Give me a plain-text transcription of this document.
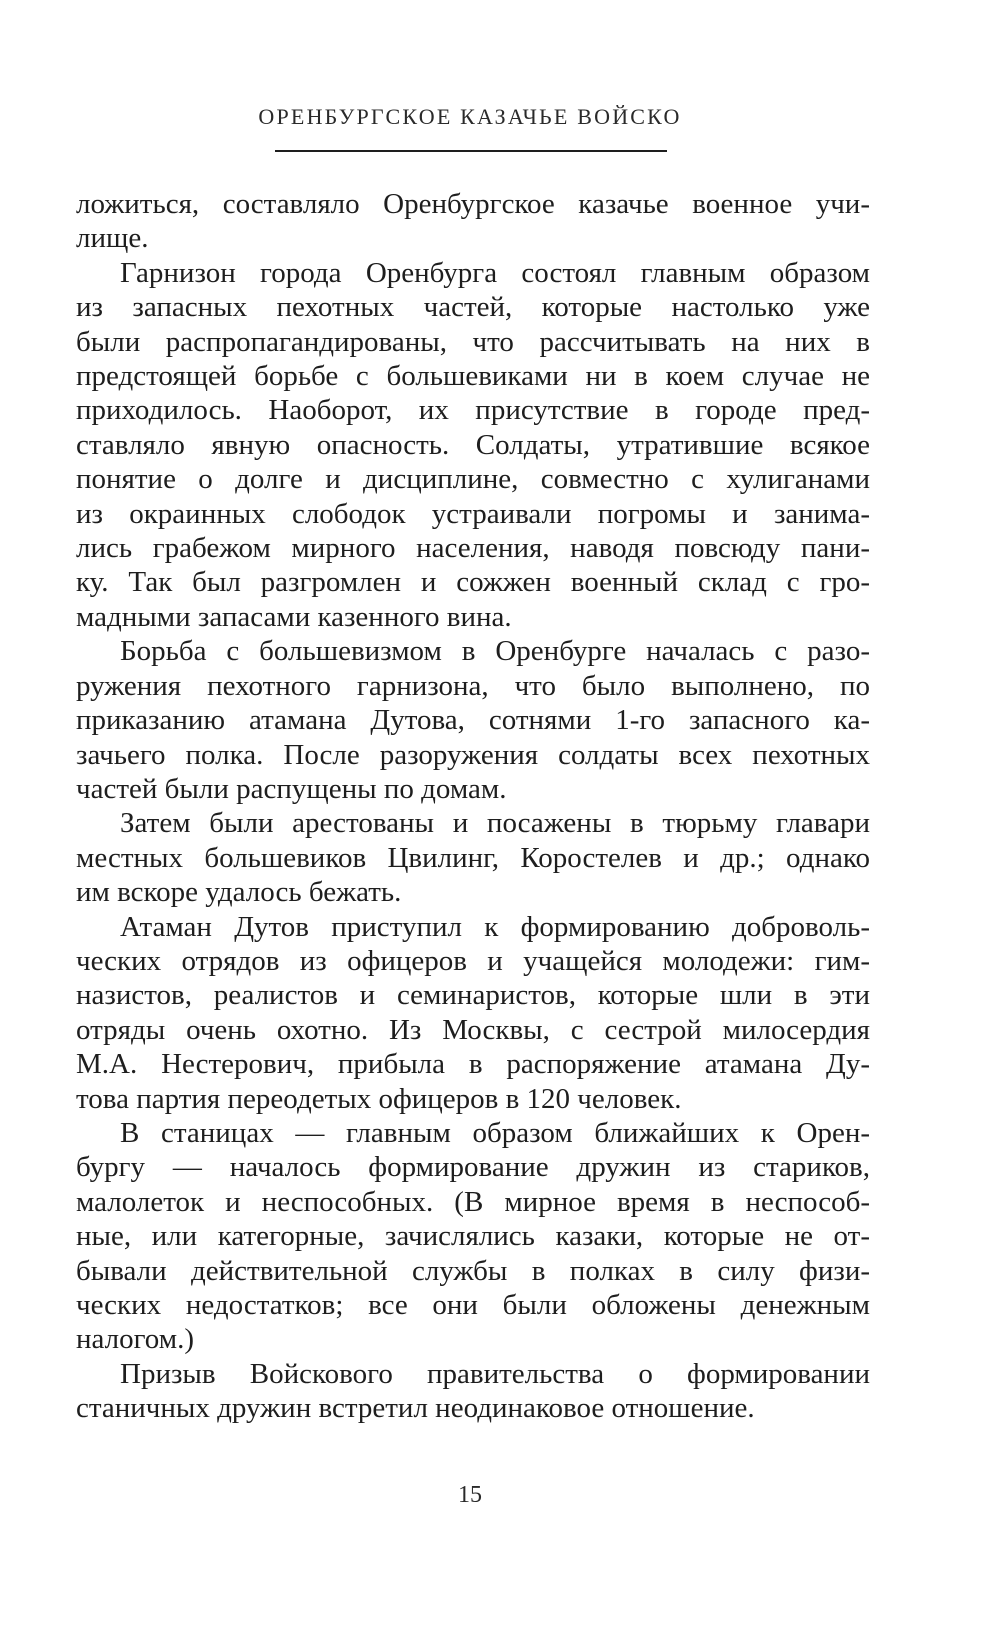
ОРЕНБУРГСКОЕ КАЗАЧЬЕ ВОЙСКО
ложиться, составляло Оренбургское казачье военное учи-
лище.
Гарнизон города Оренбурга состоял главным образом
из запасных пехотных частей, которые настолько уже
были распропагандированы, что рассчитывать на них в
предстоящей борьбе с большевиками ни в коем случае не
приходилось. Наоборот, их присутствие в городе пред-
ставляло явную опасность. Солдаты, утратившие всякое
понятие о долге и дисциплине, совместно с хулиганами
из окраинных слободок устраивали погромы и занима-
лись грабежом мирного населения, наводя повсюду пани-
ку. Так был разгромлен и сожжен военный склад с гро-
мадными запасами казенного вина.
Борьба с большевизмом в Оренбурге началась с разо-
ружения пехотного гарнизона, что было выполнено, по
приказанию атамана Дутова, сотнями 1-го запасного ка-
зачьего полка. После разоружения солдаты всех пехотных
частей были распущены по домам.
Затем были арестованы и посажены в тюрьму главари
местных большевиков Цвилинг, Коростелев и др.; однако
им вскоре удалось бежать.
Атаман Дутов приступил к формированию доброволь-
ческих отрядов из офицеров и учащейся молодежи: гим-
назистов, реалистов и семинаристов, которые шли в эти
отряды очень охотно. Из Москвы, с сестрой милосердия
М.А. Нестерович, прибыла в распоряжение атамана Ду-
това партия переодетых офицеров в 120 человек.
В станицах — главным образом ближайших к Орен-
бургу — началось формирование дружин из стариков,
малолеток и неспособных. (В мирное время в неспособ-
ные, или категорные, зачислялись казаки, которые не от-
бывали действительной службы в полках в силу физи-
ческих недостатков; все они были обложены денежным
налогом.)
Призыв Войскового правительства о формировании
станичных дружин встретил неодинаковое отношение.
15
